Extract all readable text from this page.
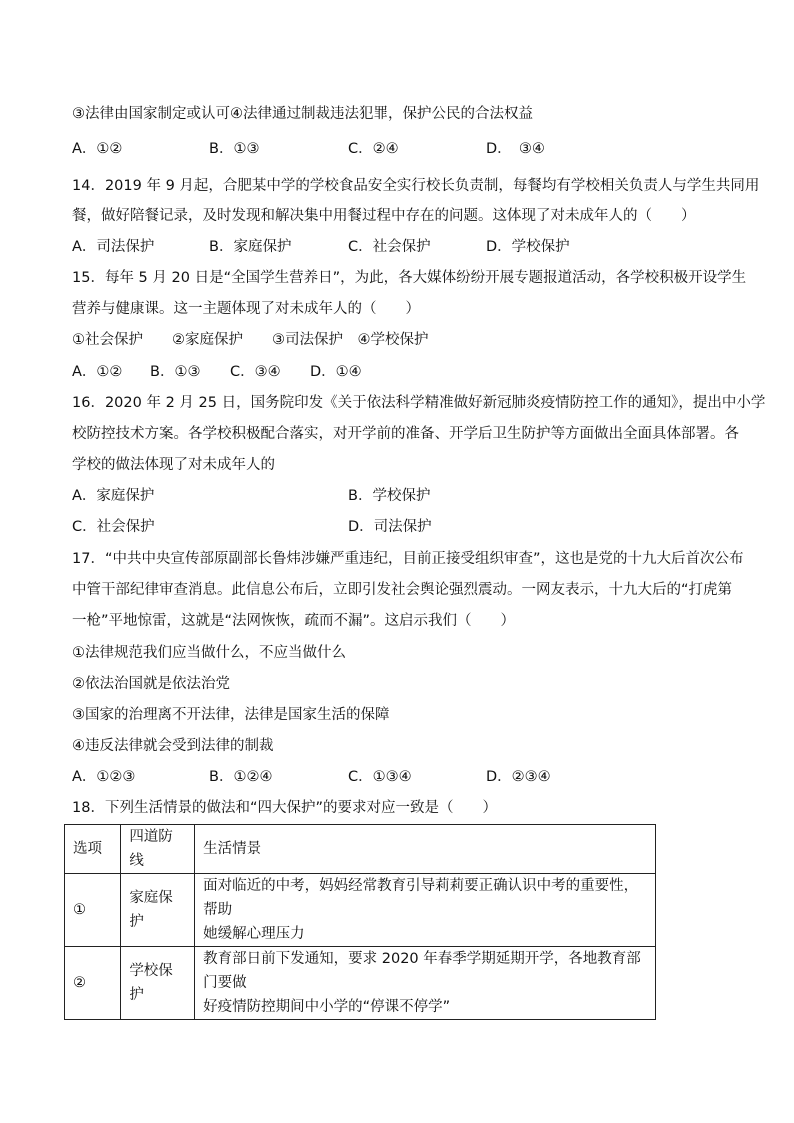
③法律由国家制定或认可④法律通过制裁违法犯罪，保护公民的合法权益
A．①②	B．①③	C．②④	D．　③④
14．2019 年 9 月起，合肥某中学的学校食品安全实行校长负责制，每餐均有学校相关负责人与学生共同用
餐，做好陪餐记录，及时发现和解决集中用餐过程中存在的问题。这体现了对未成年人的（　　）
A．司法保护	B．家庭保护	C．社会保护	D．学校保护
15．每年 5 月 20 日是“全国学生营养日”，为此，各大媒体纷纷开展专题报道活动，各学校积极开设学生
营养与健康课。这一主题体现了对未成年人的（　　）
①社会保护　　②家庭保护　　③司法保护　④学校保护
A．①② B．①③ C．③④ D．①④
16．2020 年 2 月 25 日，国务院印发《关于依法科学精准做好新冠肺炎疫情防控工作的通知》，提出中小学
校防控技术方案。各学校积极配合落实，对开学前的准备、开学后卫生防护等方面做出全面具体部署。各
学校的做法体现了对未成年人的
A．家庭保护	B．学校保护
C．社会保护	D．司法保护
17．“中共中央宣传部原副部长鲁炜涉嫌严重违纪，目前正接受组织审查”，这也是党的十九大后首次公布
中管干部纪律审查消息。此信息公布后，立即引发社会舆论强烈震动。一网友表示，十九大后的“打虎第
一枪”平地惊雷，这就是“法网恢恢，疏而不漏”。这启示我们（　　）
①法律规范我们应当做什么，不应当做什么
②依法治国就是依法治党
③国家的治理离不开法律，法律是国家生活的保障
④违反法律就会受到法律的制裁
A．①②③	B．①②④	C．①③④	D．②③④
18．下列生活情景的做法和“四大保护”的要求对应一致是（　　）
选项	四道防线	生活情景
①	家庭保护	面对临近的中考，妈妈经常教育引导莉莉要正确认识中考的重要性，帮助
她缓解心理压力

②	学校保护	教育部日前下发通知，要求 2020 年春季学期延期开学，各地教育部门要做
好疫情防控期间中小学的“停课不停学”
